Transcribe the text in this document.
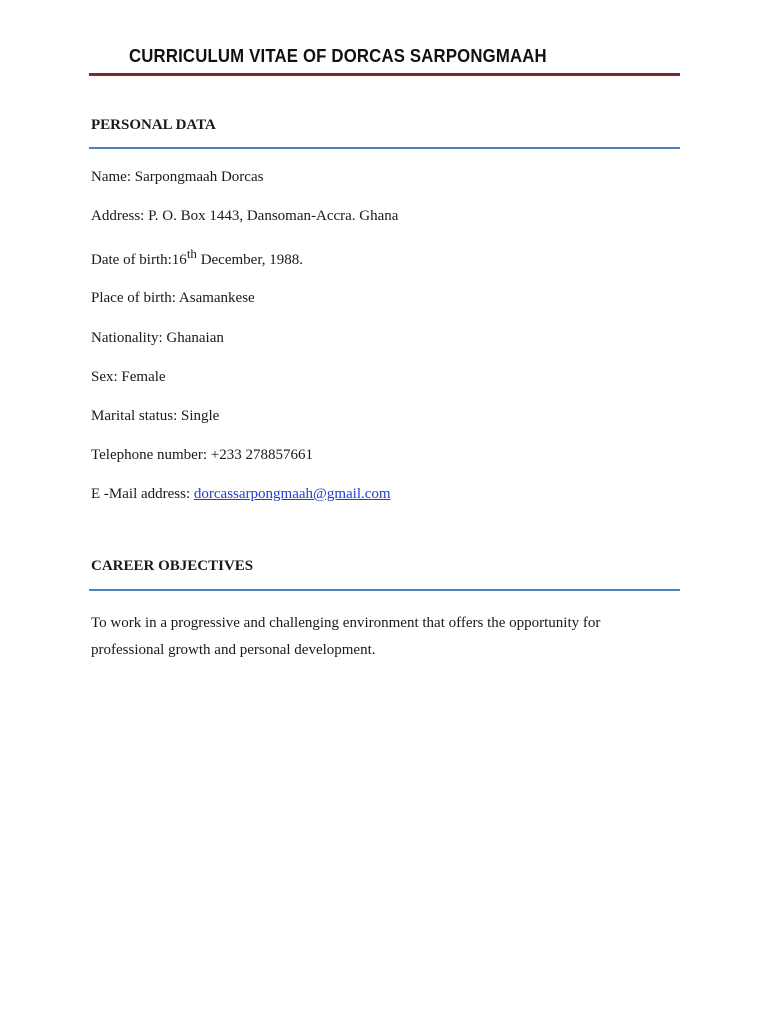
CURRICULUM VITAE OF DORCAS SARPONGMAAH
PERSONAL DATA
Name: Sarpongmaah Dorcas
Address: P. O. Box 1443, Dansoman-Accra. Ghana
Date of birth:16th December, 1988.
Place of birth: Asamankese
Nationality: Ghanaian
Sex: Female
Marital status: Single
Telephone number: +233 278857661
E -Mail address: dorcassarpongmaah@gmail.com
CAREER OBJECTIVES
To work in a progressive and challenging environment that offers the opportunity for professional growth and personal development.
